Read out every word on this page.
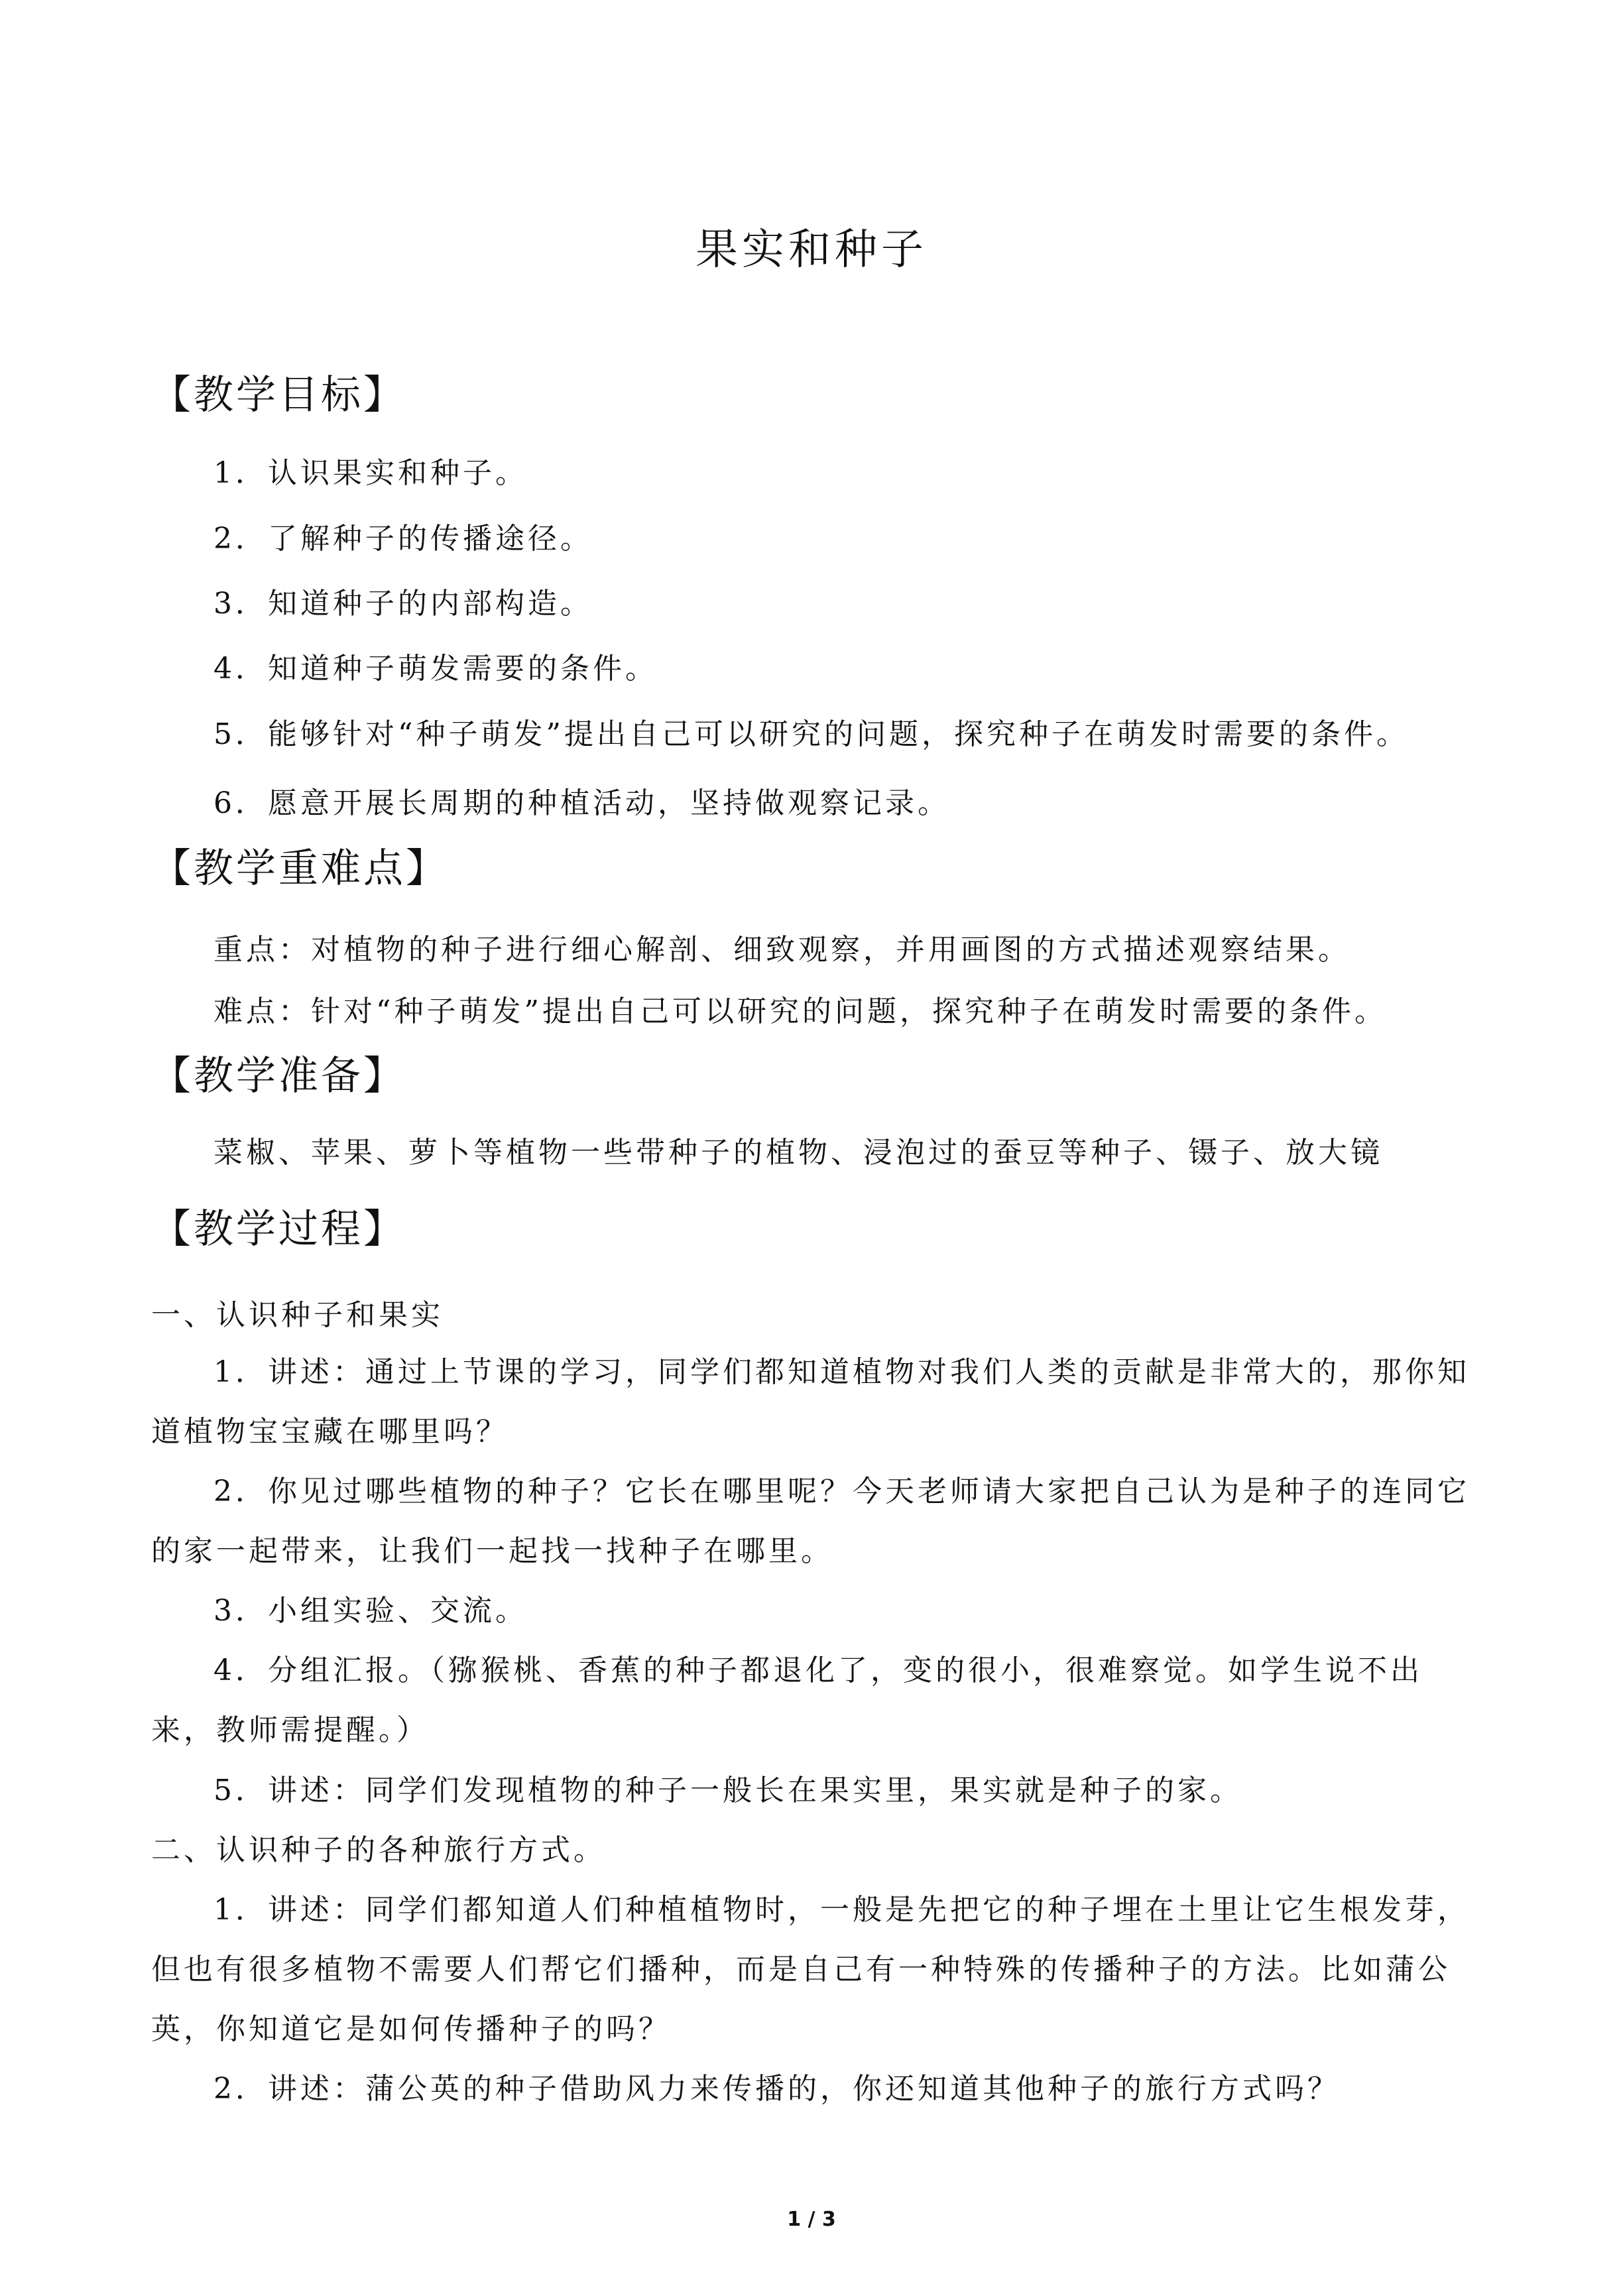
果实和种子
【教学目标】
1．认识果实和种子。
2．了解种子的传播途径。
3．知道种子的内部构造。
4．知道种子萌发需要的条件。
5．能够针对“种子萌发”提出自己可以研究的问题，探究种子在萌发时需要的条件。
6．愿意开展长周期的种植活动，坚持做观察记录。
【教学重难点】
重点：对植物的种子进行细心解剖、细致观察，并用画图的方式描述观察结果。
难点：针对“种子萌发”提出自己可以研究的问题，探究种子在萌发时需要的条件。
【教学准备】
菜椒、苹果、萝卜等植物一些带种子的植物、浸泡过的蚕豆等种子、镊子、放大镜
【教学过程】
一、认识种子和果实
1．讲述：通过上节课的学习，同学们都知道植物对我们人类的贡献是非常大的，那你知
道植物宝宝藏在哪里吗？
2．你见过哪些植物的种子？它长在哪里呢？今天老师请大家把自己认为是种子的连同它
的家一起带来，让我们一起找一找种子在哪里。
3．小组实验、交流。
4．分组汇报。（猕猴桃、香蕉的种子都退化了，变的很小，很难察觉。如学生说不出
来，教师需提醒。）
5．讲述：同学们发现植物的种子一般长在果实里，果实就是种子的家。
二、认识种子的各种旅行方式。
1．讲述：同学们都知道人们种植植物时，一般是先把它的种子埋在土里让它生根发芽，
但也有很多植物不需要人们帮它们播种，而是自己有一种特殊的传播种子的方法。比如蒲公
英，你知道它是如何传播种子的吗？
2．讲述：蒲公英的种子借助风力来传播的，你还知道其他种子的旅行方式吗？
1 / 3
